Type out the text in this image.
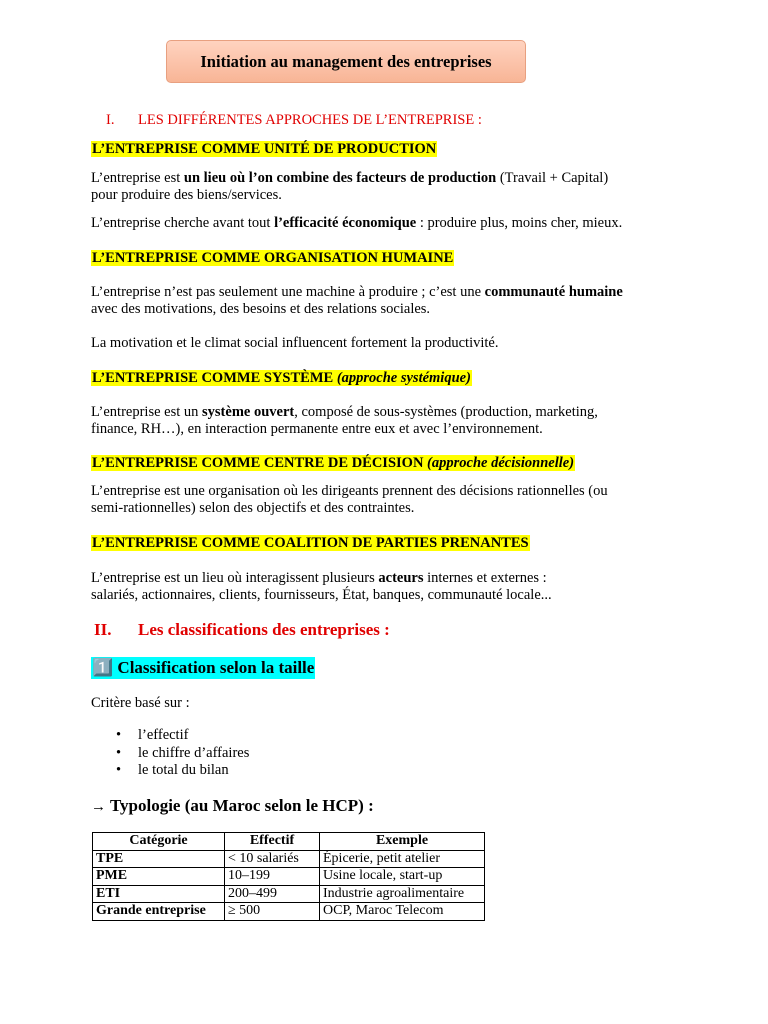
Initiation au management des entreprises
I. LES DIFFÉRENTES APPROCHES DE L’ENTREPRISE :
L’ENTREPRISE COMME UNITÉ DE PRODUCTION
L’entreprise est un lieu où l’on combine des facteurs de production (Travail + Capital)
pour produire des biens/services.
L’entreprise cherche avant tout l’efficacité économique : produire plus, moins cher, mieux.
L’ENTREPRISE COMME ORGANISATION HUMAINE
L’entreprise n’est pas seulement une machine à produire ; c’est une communauté humaine
avec des motivations, des besoins et des relations sociales.
La motivation et le climat social influencent fortement la productivité.
L’ENTREPRISE COMME SYSTÈME (approche systémique)
L’entreprise est un système ouvert, composé de sous-systèmes (production, marketing,
finance, RH…), en interaction permanente entre eux et avec l’environnement.
L’ENTREPRISE COMME CENTRE DE DÉCISION (approche décisionnelle)
L’entreprise est une organisation où les dirigeants prennent des décisions rationnelles (ou
semi-rationnelles) selon des objectifs et des contraintes.
L’ENTREPRISE COMME COALITION DE PARTIES PRENANTES
L’entreprise est un lieu où interagissent plusieurs acteurs internes et externes :
salariés, actionnaires, clients, fournisseurs, État, banques, communauté locale...
II. Les classifications des entreprises :
1️⃣ Classification selon la taille
Critère basé sur :
• l’effectif
• le chiffre d’affaires
• le total du bilan
→ Typologie (au Maroc selon le HCP) :
Catégorie	Effectif	Exemple
TPE	< 10 salariés	Épicerie, petit atelier
PME	10–199	Usine locale, start-up
ETI	200–499	Industrie agroalimentaire
Grande entreprise	≥ 500	OCP, Maroc Telecom
